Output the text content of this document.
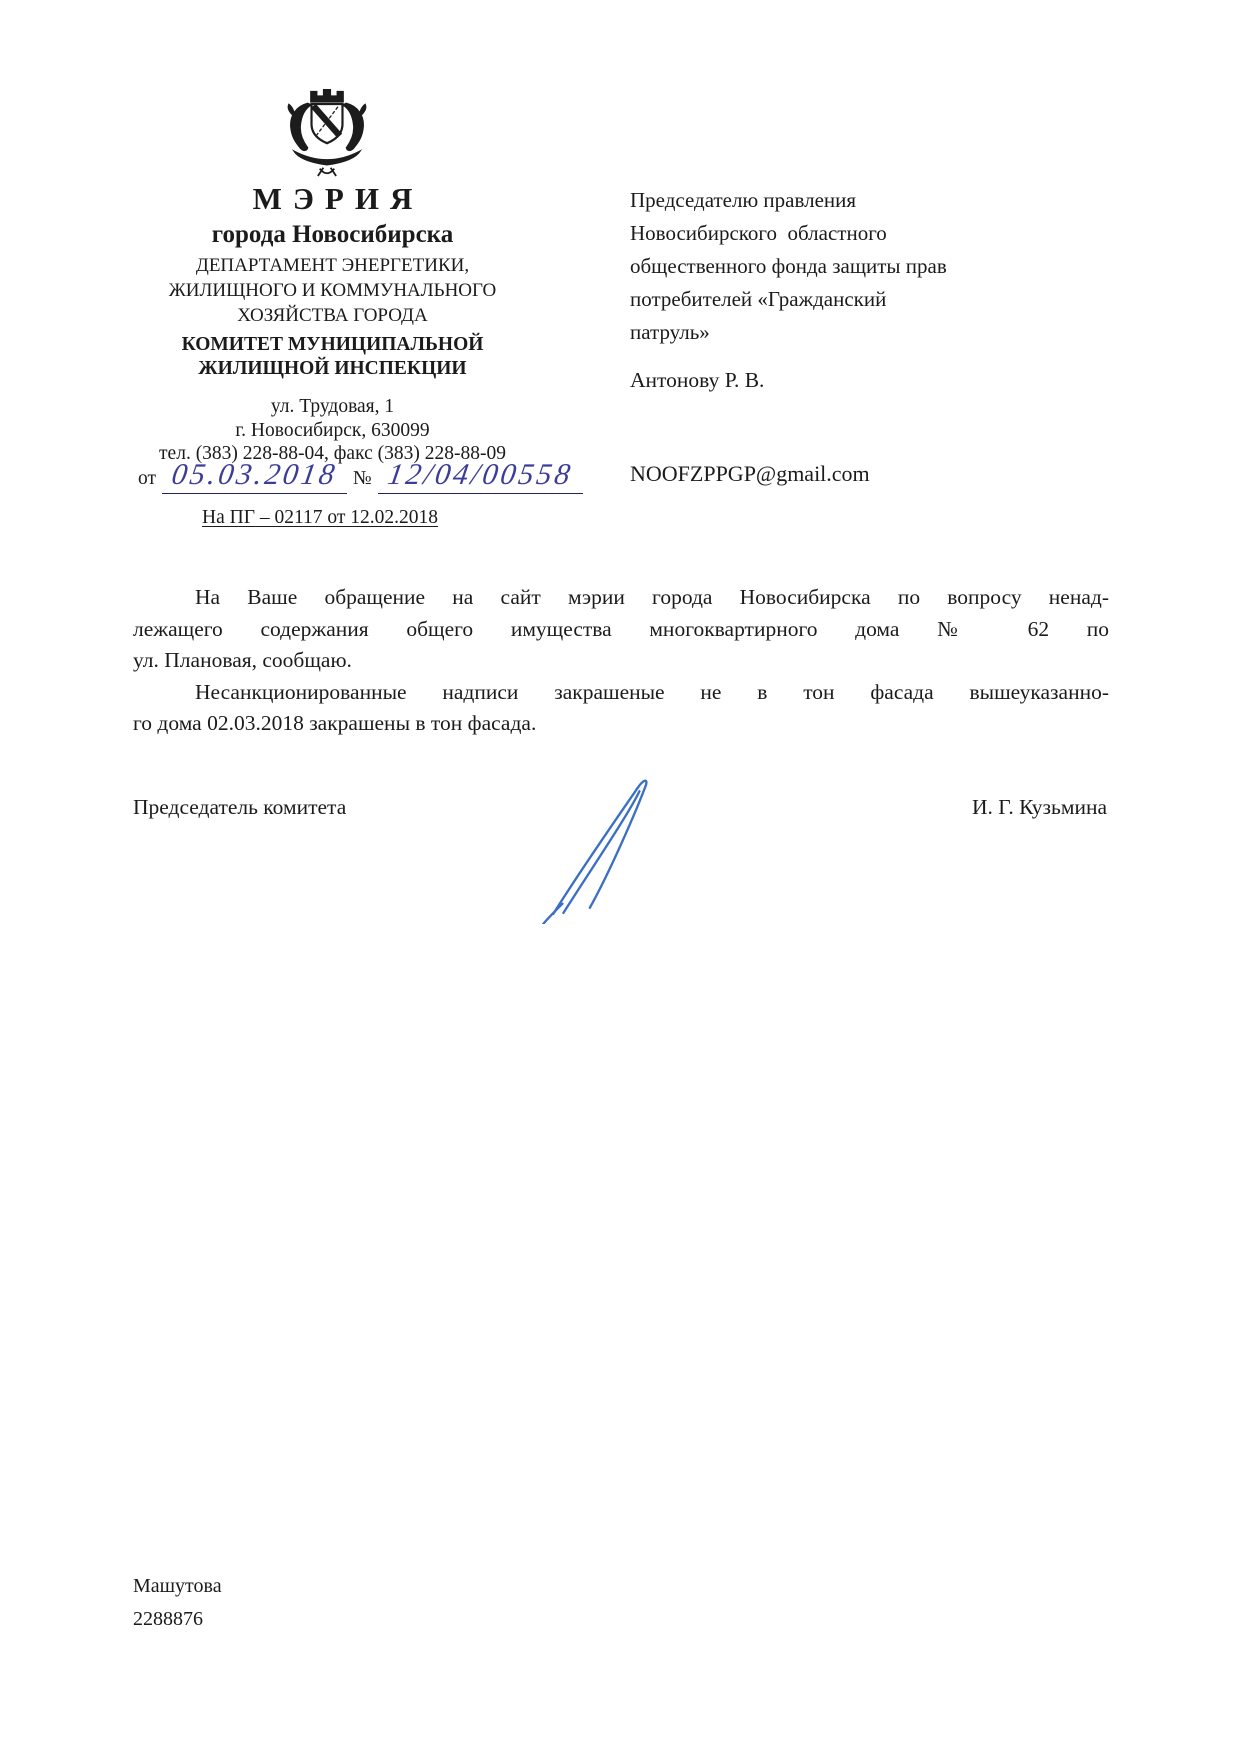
МЭРИЯ
города Новосибирска
ДЕПАРТАМЕНТ ЭНЕРГЕТИКИ,
ЖИЛИЩНОГО И КОММУНАЛЬНОГО
ХОЗЯЙСТВА ГОРОДА
КОМИТЕТ МУНИЦИПАЛЬНОЙ
ЖИЛИЩНОЙ ИНСПЕКЦИИ
ул. Трудовая, 1
г. Новосибирск, 630099
тел. (383) 228-88-04, факс (383) 228-88-09
от 05.03.2018 № 12/04/00558
На ПГ – 02117 от 12.02.2018
Председателю правления
Новосибирского  областного
общественного фонда защиты прав
потребителей «Гражданский
патруль»
Антонову Р. В.
NOOFZPPGP@gmail.com
На Ваше обращение на сайт мэрии города Новосибирска по вопросу ненад-
лежащего содержания общего имущества многоквартирного дома № 62 по
ул. Плановая, сообщаю.
Несанкционированные надписи закрашеные не в тон фасада вышеуказанно-
го дома 02.03.2018 закрашены в тон фасада.
Председатель комитета	И. Г. Кузьмина
Машутова
2288876
